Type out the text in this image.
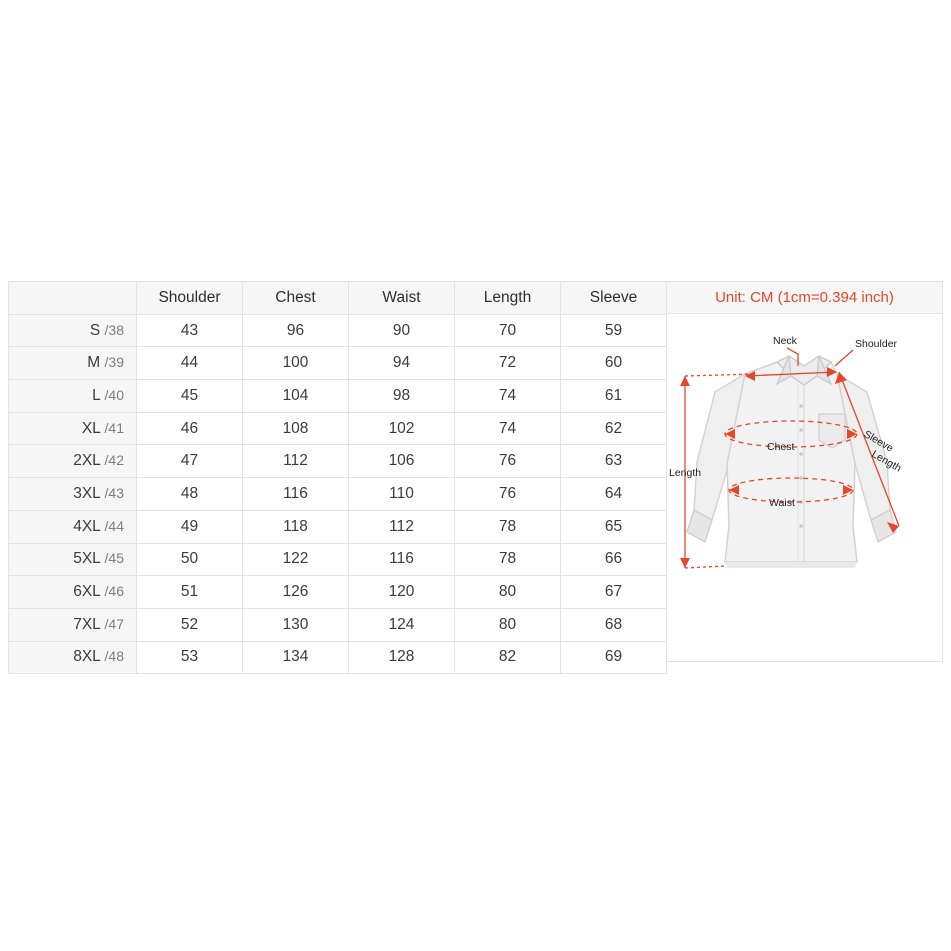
	Shoulder	Chest	Waist	Length	Sleeve
S /38	43	96	90	70	59
M /39	44	100	94	72	60
L /40	45	104	98	74	61
XL /41	46	108	102	74	62
2XL /42	47	112	106	76	63
3XL /43	48	116	110	76	64
4XL /44	49	118	112	78	65
5XL /45	50	122	116	78	66
6XL /46	51	126	120	80	67
7XL /47	52	130	124	80	68
8XL /48	53	134	128	82	69
Unit: CM (1cm=0.394 inch)
Neck	Shoulder
Chest
Waist
Length
Sleeve
Length
